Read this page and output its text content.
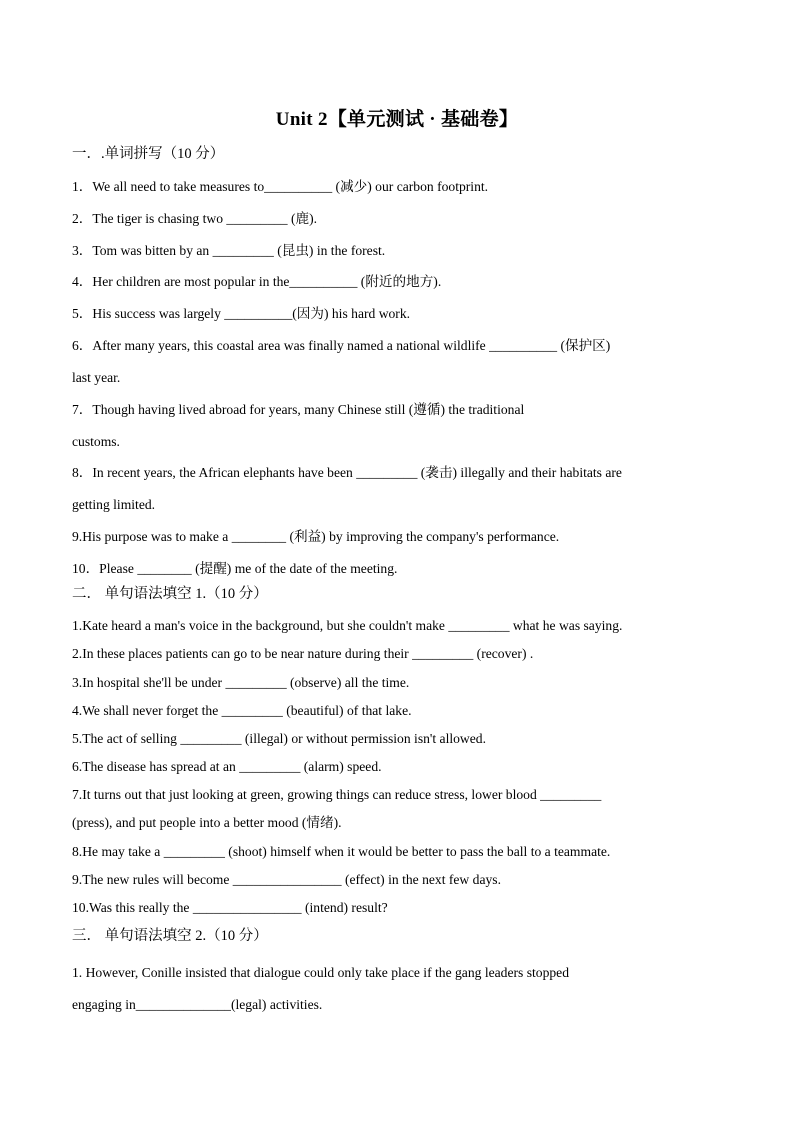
Unit 2【单元测试 · 基础卷】
一．.单词拼写（10 分）
1．We all need to take measures to__________ (减少) our carbon footprint.
2．The tiger is chasing two _________ (鹿).
3．Tom was bitten by an _________ (昆虫) in the forest.
4．Her children are most popular in the__________ (附近的地方).
5．His success was largely __________(因为) his hard work.
6．After many years, this coastal area was finally named a national wildlife __________ (保护区)
last year.
7．Though having lived abroad for years, many Chinese still (遵循) the traditional
customs.
8．In recent years, the African elephants have been _________ (袭击) illegally and their habitats are
getting limited.
9.His purpose was to make a ________ (利益) by improving the company's performance.
10．Please ________ (提醒) me of the date of the meeting.
二． 单句语法填空 1.（10 分）
1.Kate heard a man's voice in the background, but she couldn't make _________ what he was saying.
2.In these places patients can go to be near nature during their _________ (recover) .
3.In hospital she'll be under _________ (observe) all the time.
4.We shall never forget the _________ (beautiful) of that lake.
5.The act of selling _________ (illegal) or without permission isn't allowed.
6.The disease has spread at an _________ (alarm) speed.
7.It turns out that just looking at green, growing things can reduce stress, lower blood _________
(press), and put people into a better mood (情绪).
8.He may take a _________ (shoot) himself when it would be better to pass the ball to a teammate.
9.The new rules will become ________________ (effect) in the next few days.
10.Was this really the ________________ (intend) result?
三． 单句语法填空 2.（10 分）
1. However, Conille insisted that dialogue could only take place if the gang leaders stopped
engaging in______________(legal) activities.
